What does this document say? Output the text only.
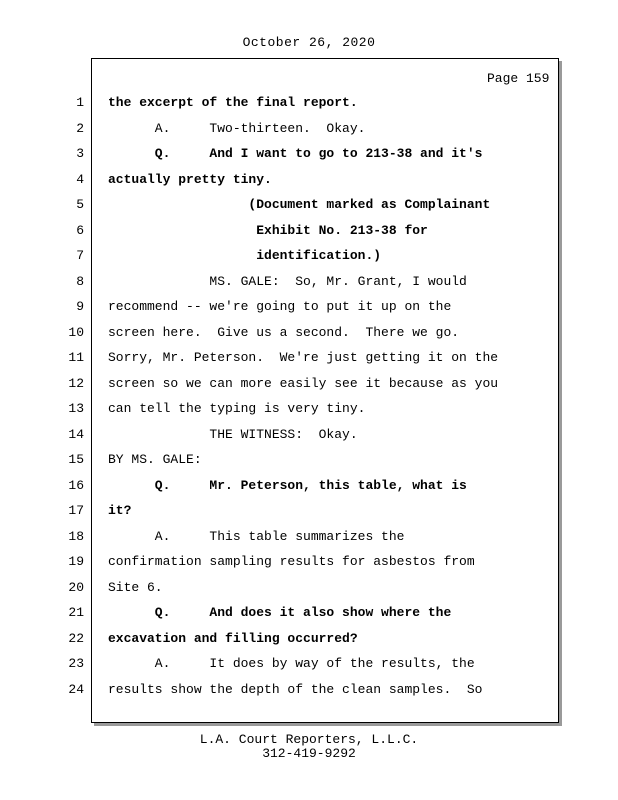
October 26, 2020
Page 159
1 the excerpt of the final report.
2 A.     Two-thirteen.  Okay.
3 Q.     And I want to go to 213-38 and it's
4 actually pretty tiny.
5 (Document marked as Complainant
6 Exhibit No. 213-38 for
7 identification.)
8 MS. GALE:  So, Mr. Grant, I would
9 recommend -- we're going to put it up on the
10 screen here.  Give us a second.  There we go.
11 Sorry, Mr. Peterson.  We're just getting it on the
12 screen so we can more easily see it because as you
13 can tell the typing is very tiny.
14 THE WITNESS:  Okay.
15 BY MS. GALE:
16 Q.     Mr. Peterson, this table, what is
17 it?
18 A.     This table summarizes the
19 confirmation sampling results for asbestos from
20 Site 6.
21 Q.     And does it also show where the
22 excavation and filling occurred?
23 A.     It does by way of the results, the
24 results show the depth of the clean samples.  So
L.A. Court Reporters, L.L.C.
312-419-9292
